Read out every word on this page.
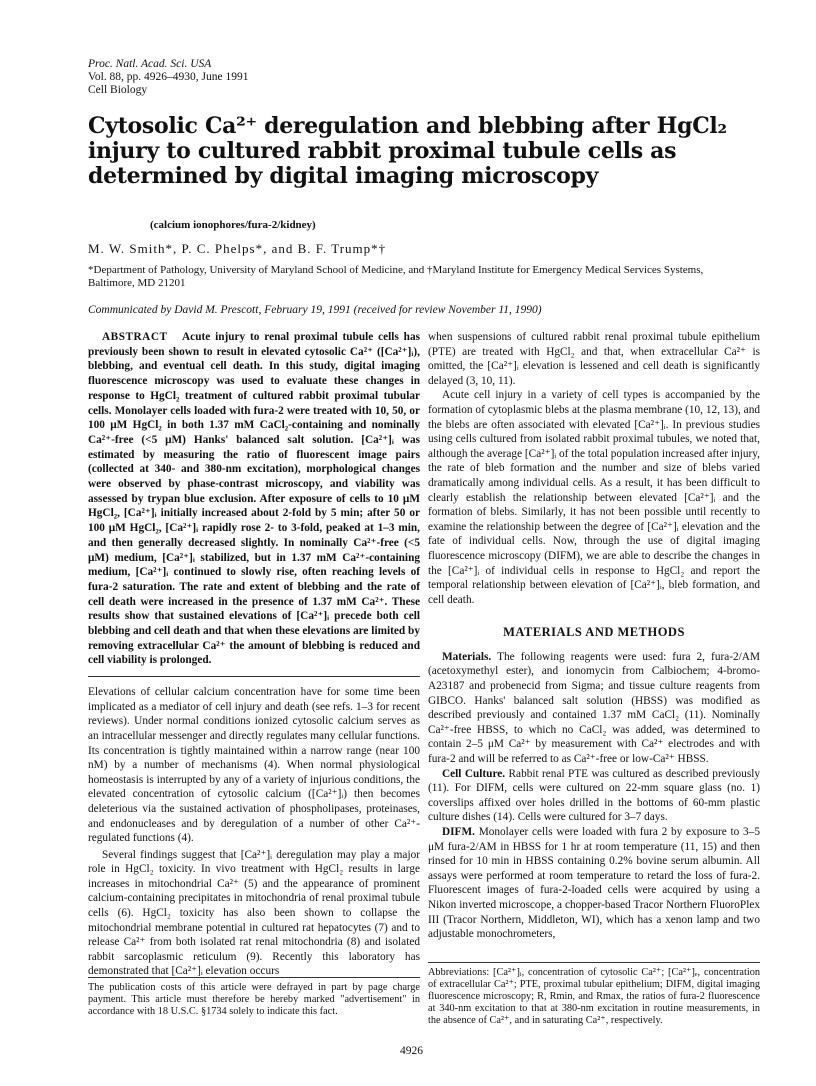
Proc. Natl. Acad. Sci. USA
Vol. 88, pp. 4926–4930, June 1991
Cell Biology
Cytosolic Ca²⁺ deregulation and blebbing after HgCl₂ injury to cultured rabbit proximal tubule cells as determined by digital imaging microscopy
(calcium ionophores/fura-2/kidney)
M. W. Smith*, P. C. Phelps*, and B. F. Trump*†
*Department of Pathology, University of Maryland School of Medicine, and †Maryland Institute for Emergency Medical Services Systems, Baltimore, MD 21201
Communicated by David M. Prescott, February 19, 1991 (received for review November 11, 1990)

ABSTRACT Acute injury to renal proximal tubule cells has previously been shown to result in elevated cytosolic Ca²⁺ ([Ca²⁺]ᵢ), blebbing, and eventual cell death. In this study, digital imaging fluorescence microscopy was used to evaluate these changes in response to HgCl₂ treatment of cultured rabbit proximal tubular cells. Monolayer cells loaded with fura-2 were treated with 10, 50, or 100 μM HgCl₂ in both 1.37 mM CaCl₂-containing and nominally Ca²⁺-free (<5 μM) Hanks' balanced salt solution. [Ca²⁺]ᵢ was estimated by measuring the ratio of fluorescent image pairs (collected at 340- and 380-nm excitation), morphological changes were observed by phase-contrast microscopy, and viability was assessed by trypan blue exclusion. After exposure of cells to 10 μM HgCl₂, [Ca²⁺]ᵢ initially increased about 2-fold by 5 min; after 50 or 100 μM HgCl₂, [Ca²⁺]ᵢ rapidly rose 2- to 3-fold, peaked at 1–3 min, and then generally decreased slightly. In nominally Ca²⁺-free (<5 μM) medium, [Ca²⁺]ᵢ stabilized, but in 1.37 mM Ca²⁺-containing medium, [Ca²⁺]ᵢ continued to slowly rise, often reaching levels of fura-2 saturation. The rate and extent of blebbing and the rate of cell death were increased in the presence of 1.37 mM Ca²⁺. These results show that sustained elevations of [Ca²⁺]ᵢ precede both cell blebbing and cell death and that when these elevations are limited by removing extracellular Ca²⁺ the amount of blebbing is reduced and cell viability is prolonged.

Elevations of cellular calcium concentration have for some time been implicated as a mediator of cell injury and death (see refs. 1–3 for recent reviews). Under normal conditions ionized cytosolic calcium serves as an intracellular messenger and directly regulates many cellular functions. Its concentration is tightly maintained within a narrow range (near 100 nM) by a number of mechanisms (4). When normal physiological homeostasis is interrupted by any of a variety of injurious conditions, the elevated concentration of cytosolic calcium ([Ca²⁺]ᵢ) then becomes deleterious via the sustained activation of phospholipases, proteinases, and endonucleases and by deregulation of a number of other Ca²⁺-regulated functions (4).

Several findings suggest that [Ca²⁺]ᵢ deregulation may play a major role in HgCl₂ toxicity. In vivo treatment with HgCl₂ results in large increases in mitochondrial Ca²⁺ (5) and the appearance of prominent calcium-containing precipitates in mitochondria of renal proximal tubule cells (6). HgCl₂ toxicity has also been shown to collapse the mitochondrial membrane potential in cultured rat hepatocytes (7) and to release Ca²⁺ from both isolated rat renal mitochondria (8) and isolated rabbit sarcoplasmic reticulum (9). Recently this laboratory has demonstrated that [Ca²⁺]ᵢ elevation occurs

when suspensions of cultured rabbit renal proximal tubule epithelium (PTE) are treated with HgCl₂ and that, when extracellular Ca²⁺ is omitted, the [Ca²⁺]ᵢ elevation is lessened and cell death is significantly delayed (3, 10, 11).

Acute cell injury in a variety of cell types is accompanied by the formation of cytoplasmic blebs at the plasma membrane (10, 12, 13), and the blebs are often associated with elevated [Ca²⁺]ᵢ. In previous studies using cells cultured from isolated rabbit proximal tubules, we noted that, although the average [Ca²⁺]ᵢ of the total population increased after injury, the rate of bleb formation and the number and size of blebs varied dramatically among individual cells. As a result, it has been difficult to clearly establish the relationship between elevated [Ca²⁺]ᵢ and the formation of blebs. Similarly, it has not been possible until recently to examine the relationship between the degree of [Ca²⁺]ᵢ elevation and the fate of individual cells. Now, through the use of digital imaging fluorescence microscopy (DIFM), we are able to describe the changes in the [Ca²⁺]ᵢ of individual cells in response to HgCl₂ and report the temporal relationship between elevation of [Ca²⁺]ᵢ, bleb formation, and cell death.

MATERIALS AND METHODS

Materials. The following reagents were used: fura 2, fura-2/AM (acetoxymethyl ester), and ionomycin from Calbiochem; 4-bromo-A23187 and probenecid from Sigma; and tissue culture reagents from GIBCO. Hanks' balanced salt solution (HBSS) was modified as described previously and contained 1.37 mM CaCl₂ (11). Nominally Ca²⁺-free HBSS, to which no CaCl₂ was added, was determined to contain 2–5 μM Ca²⁺ by measurement with Ca²⁺ electrodes and with fura-2 and will be referred to as Ca²⁺-free or low-Ca²⁺ HBSS.

Cell Culture. Rabbit renal PTE was cultured as described previously (11). For DIFM, cells were cultured on 22-mm square glass (no. 1) coverslips affixed over holes drilled in the bottoms of 60-mm plastic culture dishes (14). Cells were cultured for 3–7 days.

DIFM. Monolayer cells were loaded with fura 2 by exposure to 3–5 μM fura-2/AM in HBSS for 1 hr at room temperature (11, 15) and then rinsed for 10 min in HBSS containing 0.2% bovine serum albumin. All assays were performed at room temperature to retard the loss of fura-2. Fluorescent images of fura-2-loaded cells were acquired by using a Nikon inverted microscope, a chopper-based Tracor Northern FluoroPlex III (Tracor Northern, Middleton, WI), which has a xenon lamp and two adjustable monochrometers,

The publication costs of this article were defrayed in part by page charge payment. This article must therefore be hereby marked "advertisement" in accordance with 18 U.S.C. §1734 solely to indicate this fact.
Abbreviations: [Ca²⁺]ᵢ, concentration of cytosolic Ca²⁺; [Ca²⁺]ₑ, concentration of extracellular Ca²⁺; PTE, proximal tubular epithelium; DIFM, digital imaging fluorescence microscopy; R, Rmin, and Rmax, the ratios of fura-2 fluorescence at 340-nm excitation to that at 380-nm excitation in routine measurements, in the absence of Ca²⁺, and in saturating Ca²⁺, respectively.
4926
